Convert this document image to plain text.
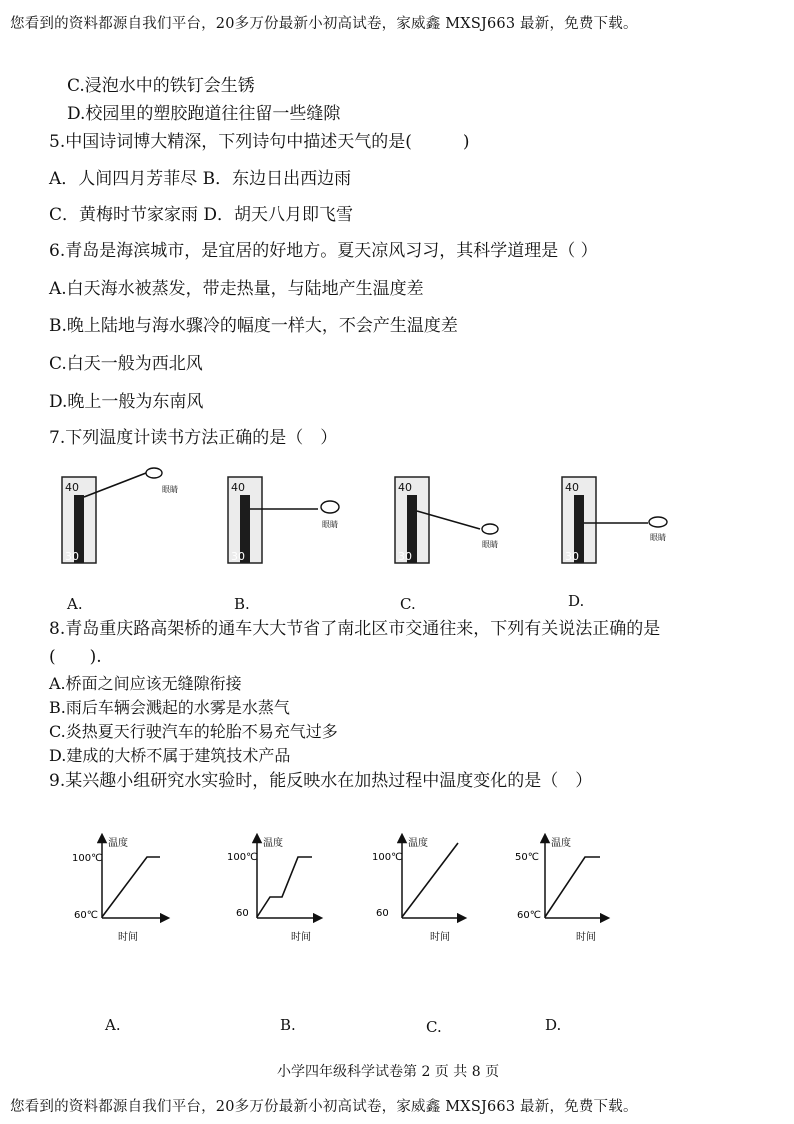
您看到的资料都源自我们平台，20多万份最新小初高试卷，家威鑫 MXSJ663 最新，免费下载。
您看到的资料都源自我们平台，20多万份最新小初高试卷，家威鑫 MXSJ663 最新，免费下载。
C.浸泡水中的铁钉会生锈
D.校园里的塑胶跑道往往留一些缝隙
5.中国诗词博大精深，下列诗句中描述天气的是(　　　)
A．人间四月芳菲尽 B．东边日出西边雨
C．黄梅时节家家雨 D．胡天八月即飞雪
6.青岛是海滨城市，是宜居的好地方。夏天凉风习习，其科学道理是（ ）
A.白天海水被蒸发，带走热量，与陆地产生温度差
B.晚上陆地与海水骤冷的幅度一样大，不会产生温度差
C.白天一般为西北风
D.晚上一般为东南风
7.下列温度计读书方法正确的是（　）
40
30
眼睛	40
30
眼睛
40
30
眼睛
40
30
眼睛
A.	B.	C.	D.
8.青岛重庆路高架桥的通车大大节省了南北区市交通往来，下列有关说法正确的是
(　　).
A.桥面之间应该无缝隙衔接
B.雨后车辆会溅起的水雾是水蒸气
C.炎热夏天行驶汽车的轮胎不易充气过多
D.建成的大桥不属于建筑技术产品
9.某兴趣小组研究水实验时，能反映水在加热过程中温度变化的是（　）
温度
时间
100℃
60℃
温度
时间
100℃
60
温度
时间
100℃
60
温度
时间
50℃
60℃
A.	B.	C.	D.
小学四年级科学试卷第 2 页 共 8 页
